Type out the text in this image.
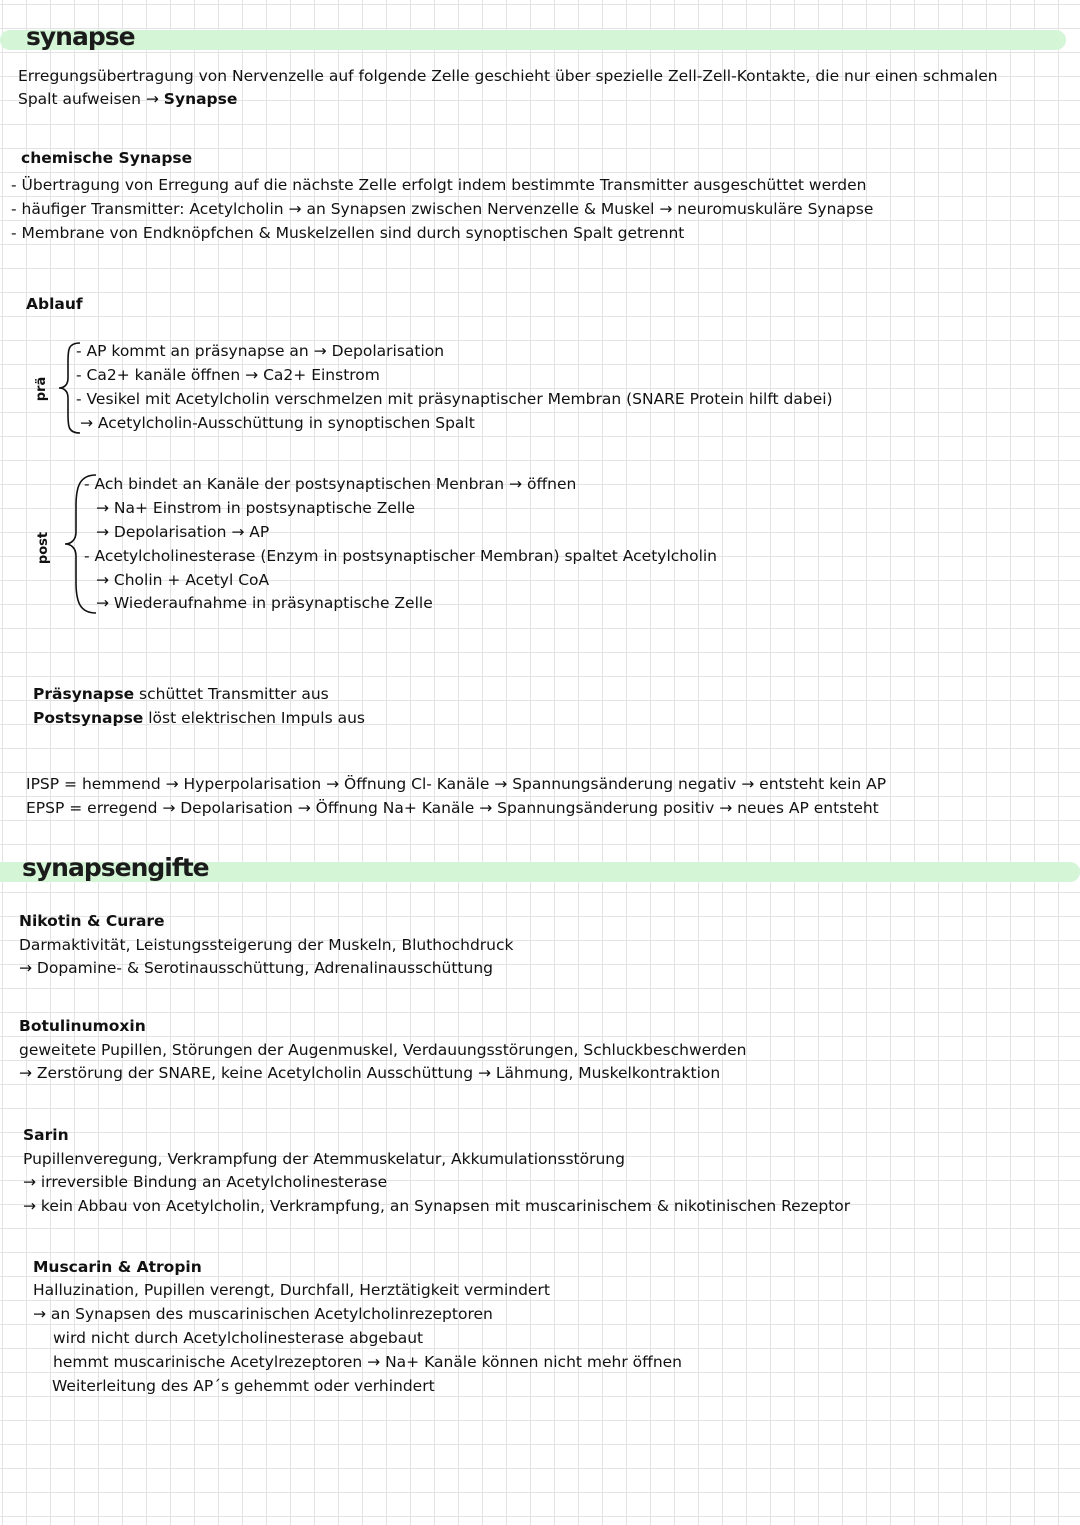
synapse
Erregungsübertragung von Nervenzelle auf folgende Zelle geschieht über spezielle Zell-Zell-Kontakte, die nur einen schmalen
Spalt aufweisen → Synapse
chemische Synapse
- Übertragung von Erregung auf die nächste Zelle erfolgt indem bestimmte Transmitter ausgeschüttet werden
- häufiger Transmitter: Acetylcholin → an Synapsen zwischen Nervenzelle & Muskel → neuromuskuläre Synapse
- Membrane von Endknöpfchen & Muskelzellen sind durch synoptischen Spalt getrennt
Ablauf
prä
- AP kommt an präsynapse an → Depolarisation
- Ca2+ kanäle öffnen → Ca2+ Einstrom
- Vesikel mit Acetylcholin verschmelzen mit präsynaptischer Membran (SNARE Protein hilft dabei)
→ Acetylcholin-Ausschüttung in synoptischen Spalt
post
- Ach bindet an Kanäle der postsynaptischen Menbran → öffnen
→ Na+ Einstrom in postsynaptische Zelle
→ Depolarisation → AP
- Acetylcholinesterase (Enzym in postsynaptischer Membran) spaltet Acetylcholin
→ Cholin + Acetyl CoA
→ Wiederaufnahme in präsynaptische Zelle
Präsynapse schüttet Transmitter aus
Postsynapse löst elektrischen Impuls aus
IPSP = hemmend → Hyperpolarisation → Öffnung Cl- Kanäle → Spannungsänderung negativ → entsteht kein AP
EPSP = erregend → Depolarisation → Öffnung Na+ Kanäle → Spannungsänderung positiv → neues AP entsteht
synapsengifte
Nikotin & Curare
Darmaktivität, Leistungssteigerung der Muskeln, Bluthochdruck
→ Dopamine- & Serotinausschüttung, Adrenalinausschüttung
Botulinumoxin
geweitete Pupillen, Störungen der Augenmuskel, Verdauungsstörungen, Schluckbeschwerden
→ Zerstörung der SNARE, keine Acetylcholin Ausschüttung → Lähmung, Muskelkontraktion
Sarin
Pupillenveregung, Verkrampfung der Atemmuskelatur, Akkumulationsstörung
→ irreversible Bindung an Acetylcholinesterase
→ kein Abbau von Acetylcholin, Verkrampfung, an Synapsen mit muscarinischem & nikotinischen Rezeptor
Muscarin & Atropin
Halluzination, Pupillen verengt, Durchfall, Herztätigkeit vermindert
→ an Synapsen des muscarinischen Acetylcholinrezeptoren
wird nicht durch Acetylcholinesterase abgebaut
hemmt muscarinische Acetylrezeptoren → Na+ Kanäle können nicht mehr öffnen
Weiterleitung des AP´s gehemmt oder verhindert
